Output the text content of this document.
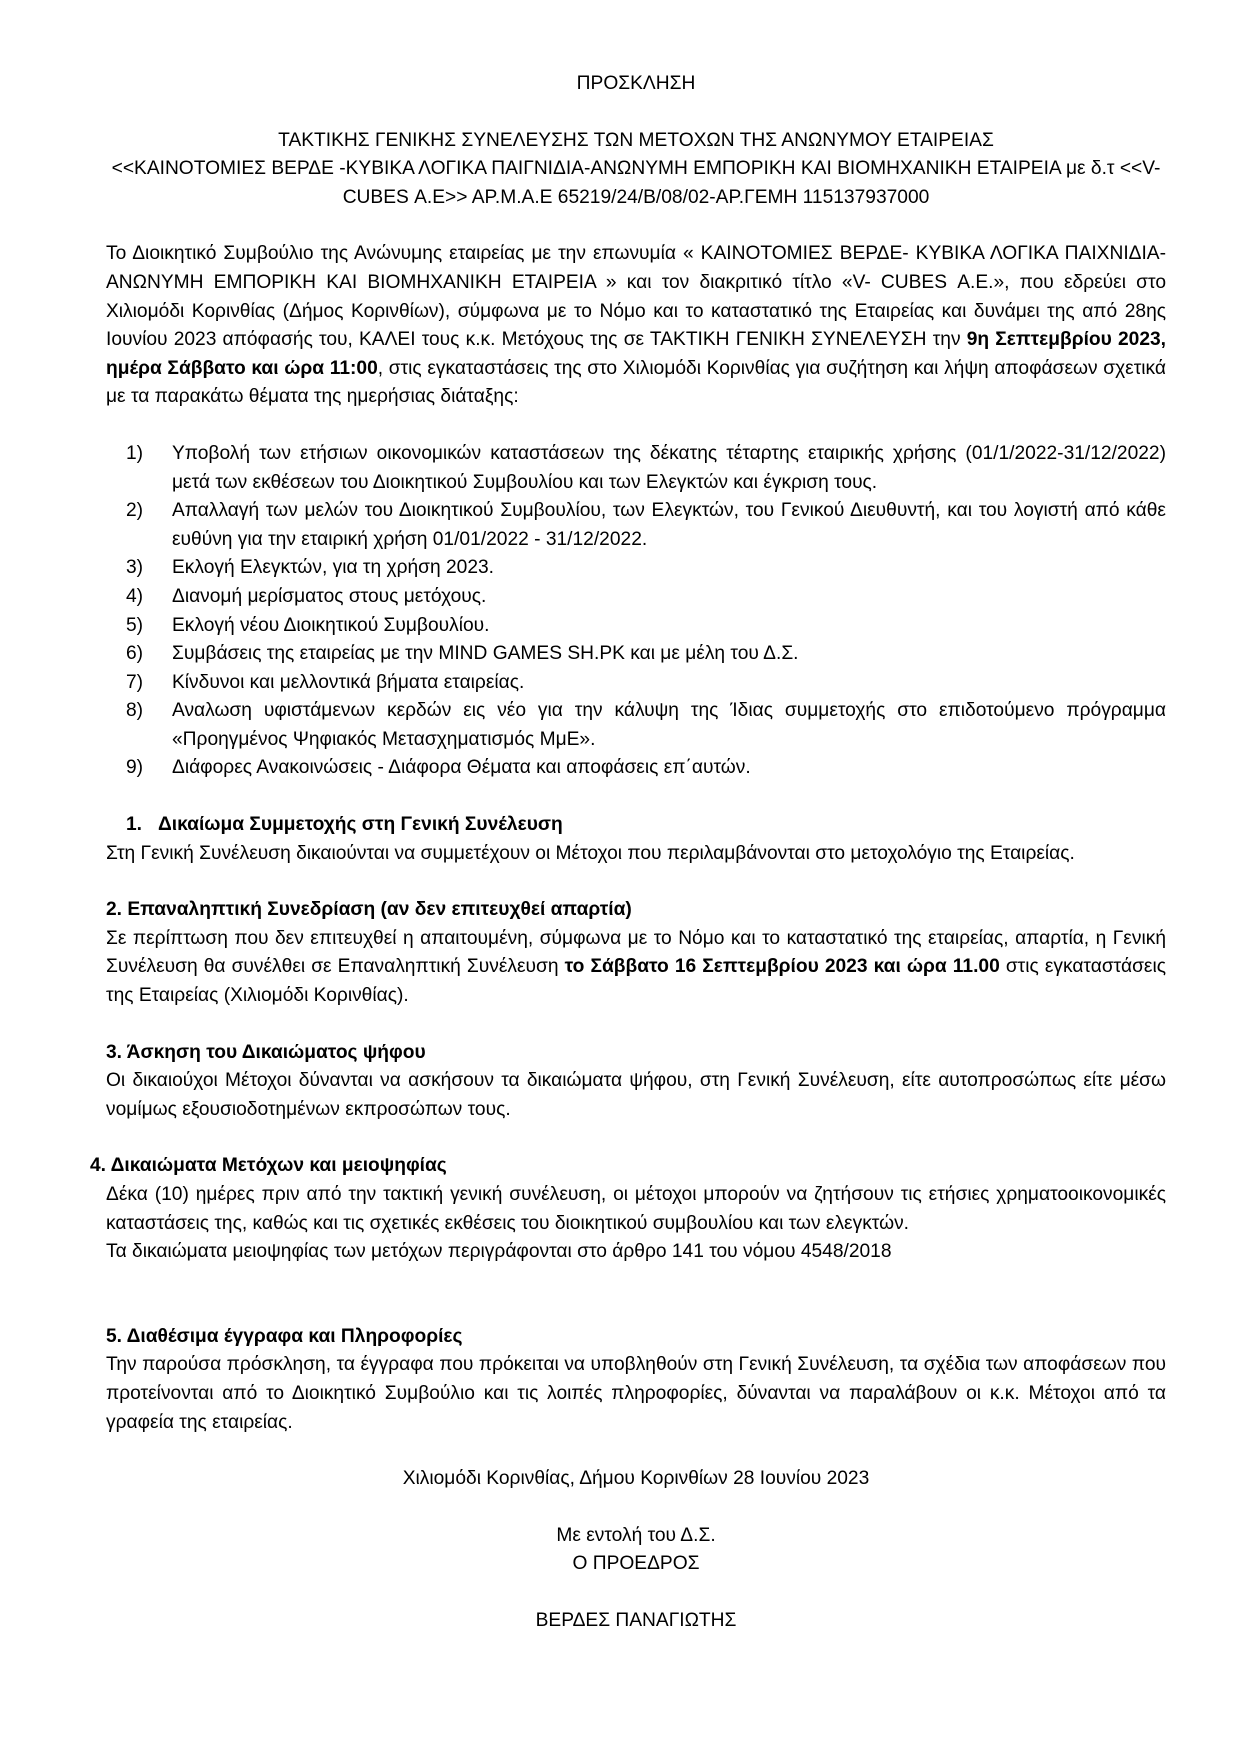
ΠΡΟΣΚΛΗΣΗ

ΤΑΚΤΙΚΗΣ ΓΕΝΙΚΗΣ ΣΥΝΕΛΕΥΣΗΣ ΤΩΝ ΜΕΤΟΧΩΝ ΤΗΣ ΑΝΩΝΥΜΟΥ ΕΤΑΙΡΕΙΑΣ

<<ΚΑΙΝΟΤΟΜΙΕΣ ΒΕΡΔΕ -ΚΥΒΙΚΑ ΛΟΓΙΚΑ ΠΑΙΓΝΙΔΙΑ-ΑΝΩΝΥΜΗ ΕΜΠΟΡΙΚΗ ΚΑΙ ΒΙΟΜΗΧΑΝΙΚΗ ΕΤΑΙΡΕΙΑ με δ.τ <<V-CUBES Α.Ε>> ΑΡ.Μ.Α.Ε 65219/24/Β/08/02-ΑΡ.ΓΕΜΗ 115137937000

Το Διοικητικό Συμβούλιο της Ανώνυμης εταιρείας με την επωνυμία « ΚΑΙΝΟΤΟΜΙΕΣ ΒΕΡΔΕ- ΚΥΒΙΚΑ ΛΟΓΙΚΑ ΠΑΙΧΝΙΔΙΑ- ΑΝΩΝΥΜΗ ΕΜΠΟΡΙΚΗ ΚΑΙ ΒΙΟΜΗΧΑΝΙΚΗ ΕΤΑΙΡΕΙΑ » και τον διακριτικό τίτλο «V- CUBES Α.Ε.», που εδρεύει στο Χιλιομόδι Κορινθίας (Δήμος Κορινθίων), σύμφωνα με το Νόμο και το καταστατικό της Εταιρείας και δυνάμει της από 28ης Ιουνίου 2023 απόφασής του, ΚΑΛΕΙ τους κ.κ. Μετόχους της σε ΤΑΚΤΙΚΗ ΓΕΝΙΚΗ ΣΥΝΕΛΕΥΣΗ την 9η Σεπτεμβρίου 2023, ημέρα Σάββατο και ώρα 11:00, στις εγκαταστάσεις της στο Χιλιομόδι Κορινθίας για συζήτηση και λήψη αποφάσεων σχετικά με τα παρακάτω θέματα της ημερήσιας διάταξης:

1) Υποβολή των ετήσιων οικονομικών καταστάσεων της δέκατης τέταρτης εταιρικής χρήσης (01/1/2022-31/12/2022) μετά των εκθέσεων του Διοικητικού Συμβουλίου και των Ελεγκτών και έγκριση τους.
2) Απαλλαγή των μελών του Διοικητικού Συμβουλίου, των Ελεγκτών, του Γενικού Διευθυντή, και του λογιστή από κάθε ευθύνη για την εταιρική χρήση 01/01/2022 - 31/12/2022.
3) Εκλογή Ελεγκτών, για τη χρήση 2023.
4) Διανομή μερίσματος στους μετόχους.
5) Εκλογή νέου Διοικητικού Συμβουλίου.
6) Συμβάσεις της εταιρείας με την MIND GAMES SH.PK και με μέλη του Δ.Σ.
7) Κίνδυνοι και μελλοντικά βήματα εταιρείας.
8) Αναλωση υφιστάμενων κερδών εις νέο για την κάλυψη της Ίδιας συμμετοχής στο επιδοτούμενο πρόγραμμα «Προηγμένος Ψηφιακός Μετασχηματισμός ΜμΕ».
9) Διάφορες Ανακοινώσεις - Διάφορα Θέματα και αποφάσεις επ΄αυτών.

1. Δικαίωμα Συμμετοχής στη Γενική Συνέλευση

Στη Γενική Συνέλευση δικαιούνται να συμμετέχουν οι Μέτοχοι που περιλαμβάνονται στο μετοχολόγιο της Εταιρείας.

2. Επαναληπτική Συνεδρίαση (αν δεν επιτευχθεί απαρτία)

Σε περίπτωση που δεν επιτευχθεί η απαιτουμένη, σύμφωνα με το Νόμο και το καταστατικό της εταιρείας, απαρτία, η Γενική Συνέλευση θα συνέλθει σε Επαναληπτική Συνέλευση το Σάββατο 16 Σεπτεμβρίου 2023 και ώρα 11.00 στις εγκαταστάσεις της Εταιρείας (Χιλιομόδι Κορινθίας).

3. Άσκηση του Δικαιώματος ψήφου

Οι δικαιούχοι Μέτοχοι δύνανται να ασκήσουν τα δικαιώματα ψήφου, στη Γενική Συνέλευση, είτε αυτοπροσώπως είτε μέσω νομίμως εξουσιοδοτημένων εκπροσώπων τους.

4. Δικαιώματα Μετόχων και μειοψηφίας

Δέκα (10) ημέρες πριν από την τακτική γενική συνέλευση, οι μέτοχοι μπορούν να ζητήσουν τις ετήσιες χρηματοοικονομικές καταστάσεις της, καθώς και τις σχετικές εκθέσεις του διοικητικού συμβουλίου και των ελεγκτών.

Τα δικαιώματα μειοψηφίας των μετόχων περιγράφονται στο άρθρο 141 του νόμου 4548/2018

5. Διαθέσιμα έγγραφα και Πληροφορίες

Την παρούσα πρόσκληση, τα έγγραφα που πρόκειται να υποβληθούν στη Γενική Συνέλευση, τα σχέδια των αποφάσεων που προτείνονται από το Διοικητικό Συμβούλιο και τις λοιπές πληροφορίες, δύνανται να παραλάβουν οι κ.κ. Μέτοχοι από τα γραφεία της εταιρείας.

Χιλιομόδι Κορινθίας, Δήμου Κορινθίων 28 Ιουνίου 2023

Με εντολή του Δ.Σ.

Ο ΠΡΟΕΔΡΟΣ

ΒΕΡΔΕΣ ΠΑΝΑΓΙΩΤΗΣ
